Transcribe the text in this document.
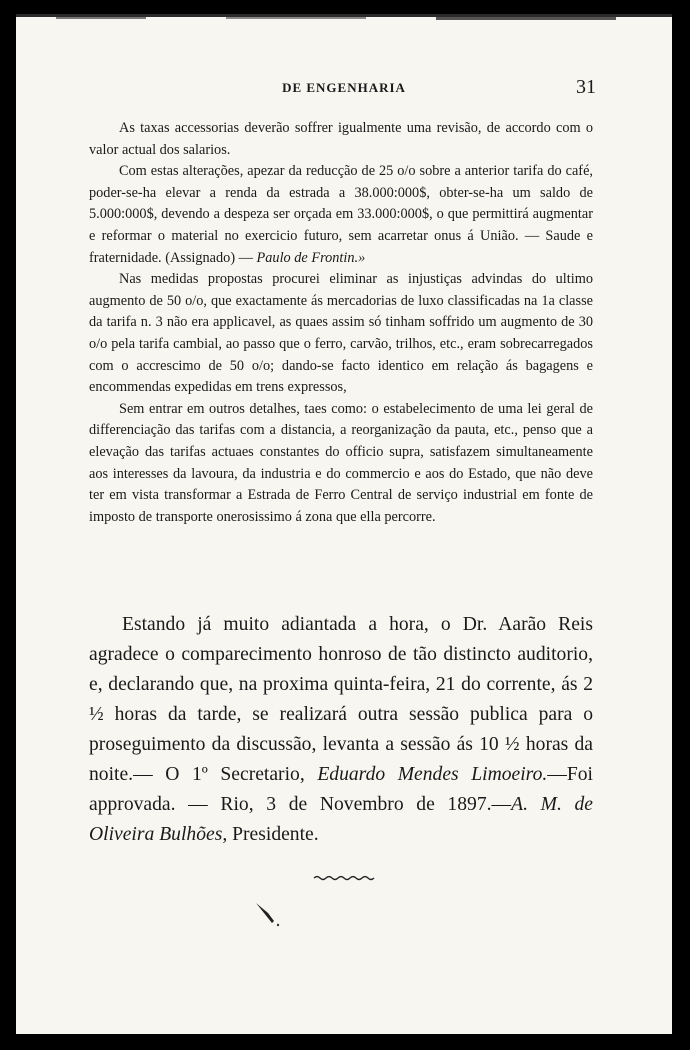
DE ENGENHARIA	31

As taxas accessorias deverão soffrer igualmente uma revisão, de accordo com o valor actual dos salarios.

Com estas alterações, apezar da reducção de 25 o/o sobre a anterior tarifa do café, poder-se-ha elevar a renda da estrada a 38.000:000$, obter-se-ha um saldo de 5.000:000$, devendo a despeza ser orçada em 33.000:000$, o que permittirá augmentar e reformar o material no exercicio futuro, sem acarretar onus á União. — Saude e fraternidade. (Assignado) — Paulo de Frontin.»

Nas medidas propostas procurei eliminar as injustiças advindas do ultimo augmento de 50 o/o, que exactamente ás mercadorias de luxo classificadas na 1a classe da tarifa n. 3 não era applicavel, as quaes assim só tinham soffrido um augmento de 30 o/o pela tarifa cambial, ao passo que o ferro, carvão, trilhos, etc., eram sobrecarregados com o accrescimo de 50 o/o; dando-se facto identico em relação ás bagagens e encommendas expedidas em trens expressos,

Sem entrar em outros detalhes, taes como: o estabelecimento de uma lei geral de differenciação das tarifas com a distancia, a reorganização da pauta, etc., penso que a elevação das tarifas actuaes constantes do officio supra, satisfazem simultaneamente aos interesses da lavoura, da industria e do commercio e aos do Estado, que não deve ter em vista transformar a Estrada de Ferro Central de serviço industrial em fonte de imposto de transporte onerosissimo á zona que ella percorre.

Estando já muito adiantada a hora, o Dr. Aarão Reis agradece o comparecimento honroso de tão distincto auditorio, e, declarando que, na proxima quinta-feira, 21 do corrente, ás 2 ½ horas da tarde, se realizará outra sessão publica para o proseguimento da discussão, levanta a sessão ás 10 ½ horas da noite.— O 1º Secretario, Eduardo Mendes Limoeiro.—Foi approvada. — Rio, 3 de Novembro de 1897.—A. M. de Oliveira Bulhões, Presidente.
